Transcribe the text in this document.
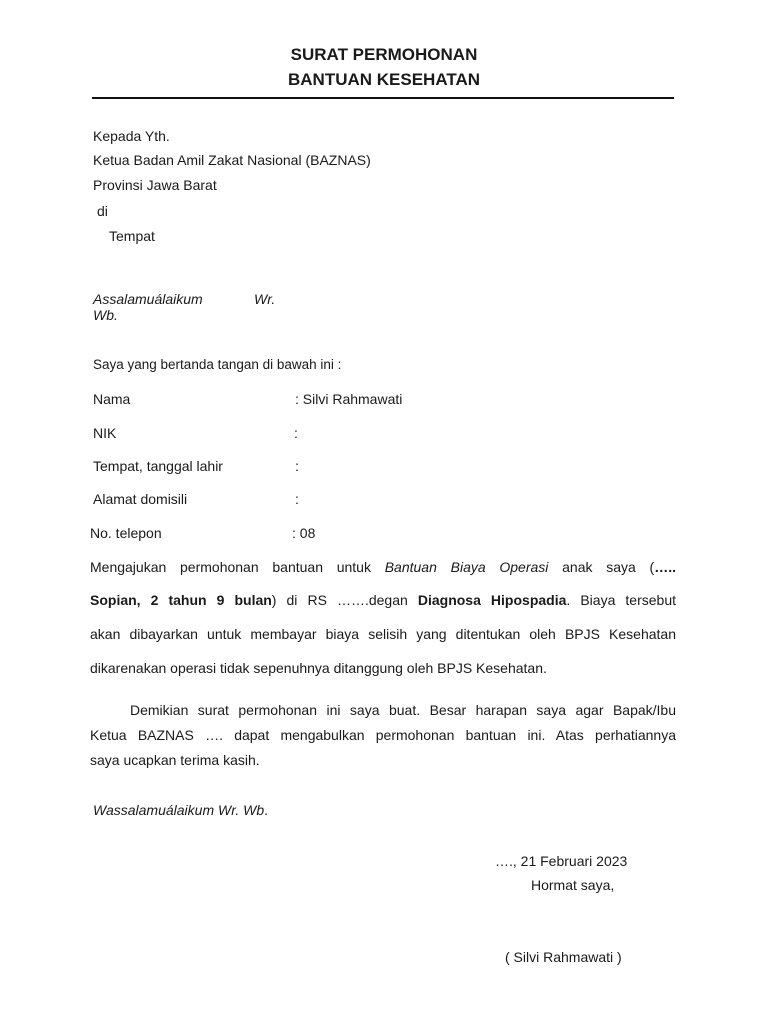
SURAT PERMOHONAN
BANTUAN KESEHATAN
Kepada Yth.
Ketua Badan Amil Zakat Nasional (BAZNAS)
Provinsi Jawa Barat
di
Tempat
Assalamuálaikum	Wr.
Wb.
Saya yang bertanda tangan di bawah ini :
Nama	: Silvi Rahmawati
NIK	:
Tempat, tanggal lahir	:
Alamat domisili	:
No. telepon	: 08
Mengajukan permohonan bantuan untuk Bantuan Biaya Operasi anak saya (…..
Sopian, 2 tahun 9 bulan) di RS …….degan Diagnosa Hipospadia. Biaya tersebut
akan dibayarkan untuk membayar biaya selisih yang ditentukan oleh BPJS Kesehatan
dikarenakan operasi tidak sepenuhnya ditanggung oleh BPJS Kesehatan.
Demikian surat permohonan ini saya buat. Besar harapan saya agar Bapak/Ibu
Ketua BAZNAS …. dapat mengabulkan permohonan bantuan ini. Atas perhatiannya
saya ucapkan terima kasih.
Wassalamuálaikum Wr. Wb.
…., 21 Februari 2023
Hormat saya,
( Silvi Rahmawati )
